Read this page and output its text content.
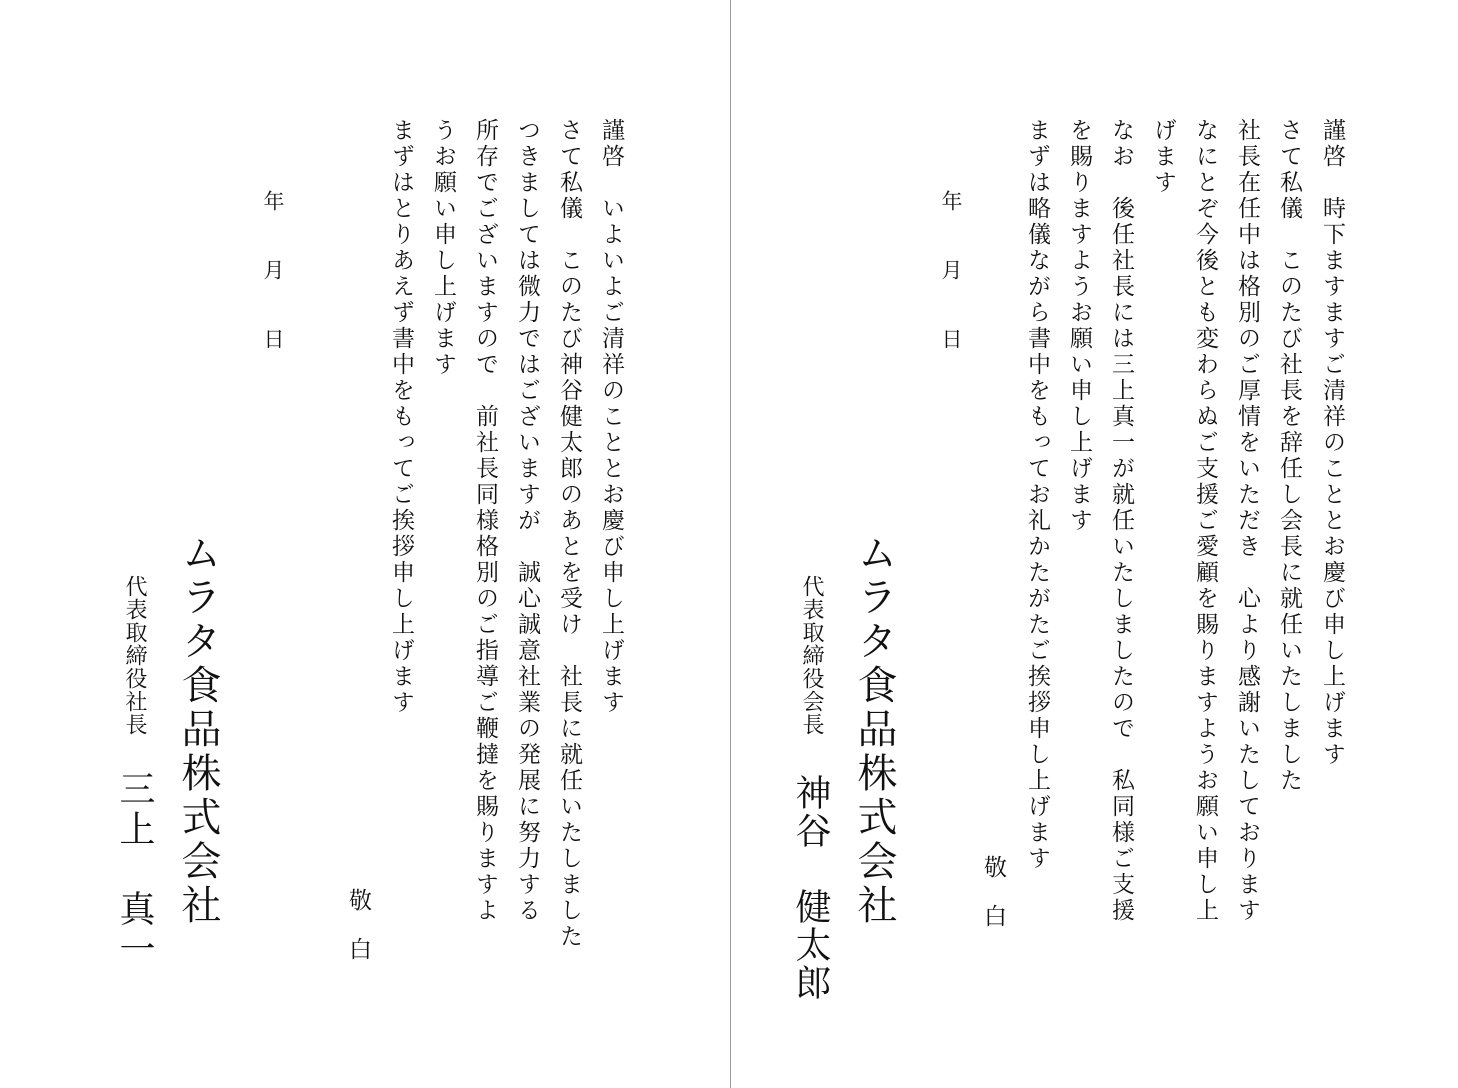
謹啓　いよいよご清祥のこととお慶び申し上げます
さて私儀　このたび神谷健太郎のあとを受け　社長に就任いたしました
つきましては微力ではございますが　誠心誠意社業の発展に努力する
所存でございますので　前社長同様格別のご指導ご鞭撻を賜りますよ
うお願い申し上げます
まずはとりあえず書中をもってご挨拶申し上げます
敬白
年月日
ムラタ食品株式会社
代表取締役社長
三上　真一
謹啓　時下ますますご清祥のこととお慶び申し上げます
さて私儀　このたび社長を辞任し会長に就任いたしました
社長在任中は格別のご厚情をいただき　心より感謝いたしております
なにとぞ今後とも変わらぬご支援ご愛顧を賜りますようお願い申し上
げます
なお　後任社長には三上真一が就任いたしましたので　私同様ご支援
を賜りますようお願い申し上げます
まずは略儀ながら書中をもってお礼かたがたご挨拶申し上げます
敬白
年月日
ムラタ食品株式会社
代表取締役会長
神谷　健太郎
